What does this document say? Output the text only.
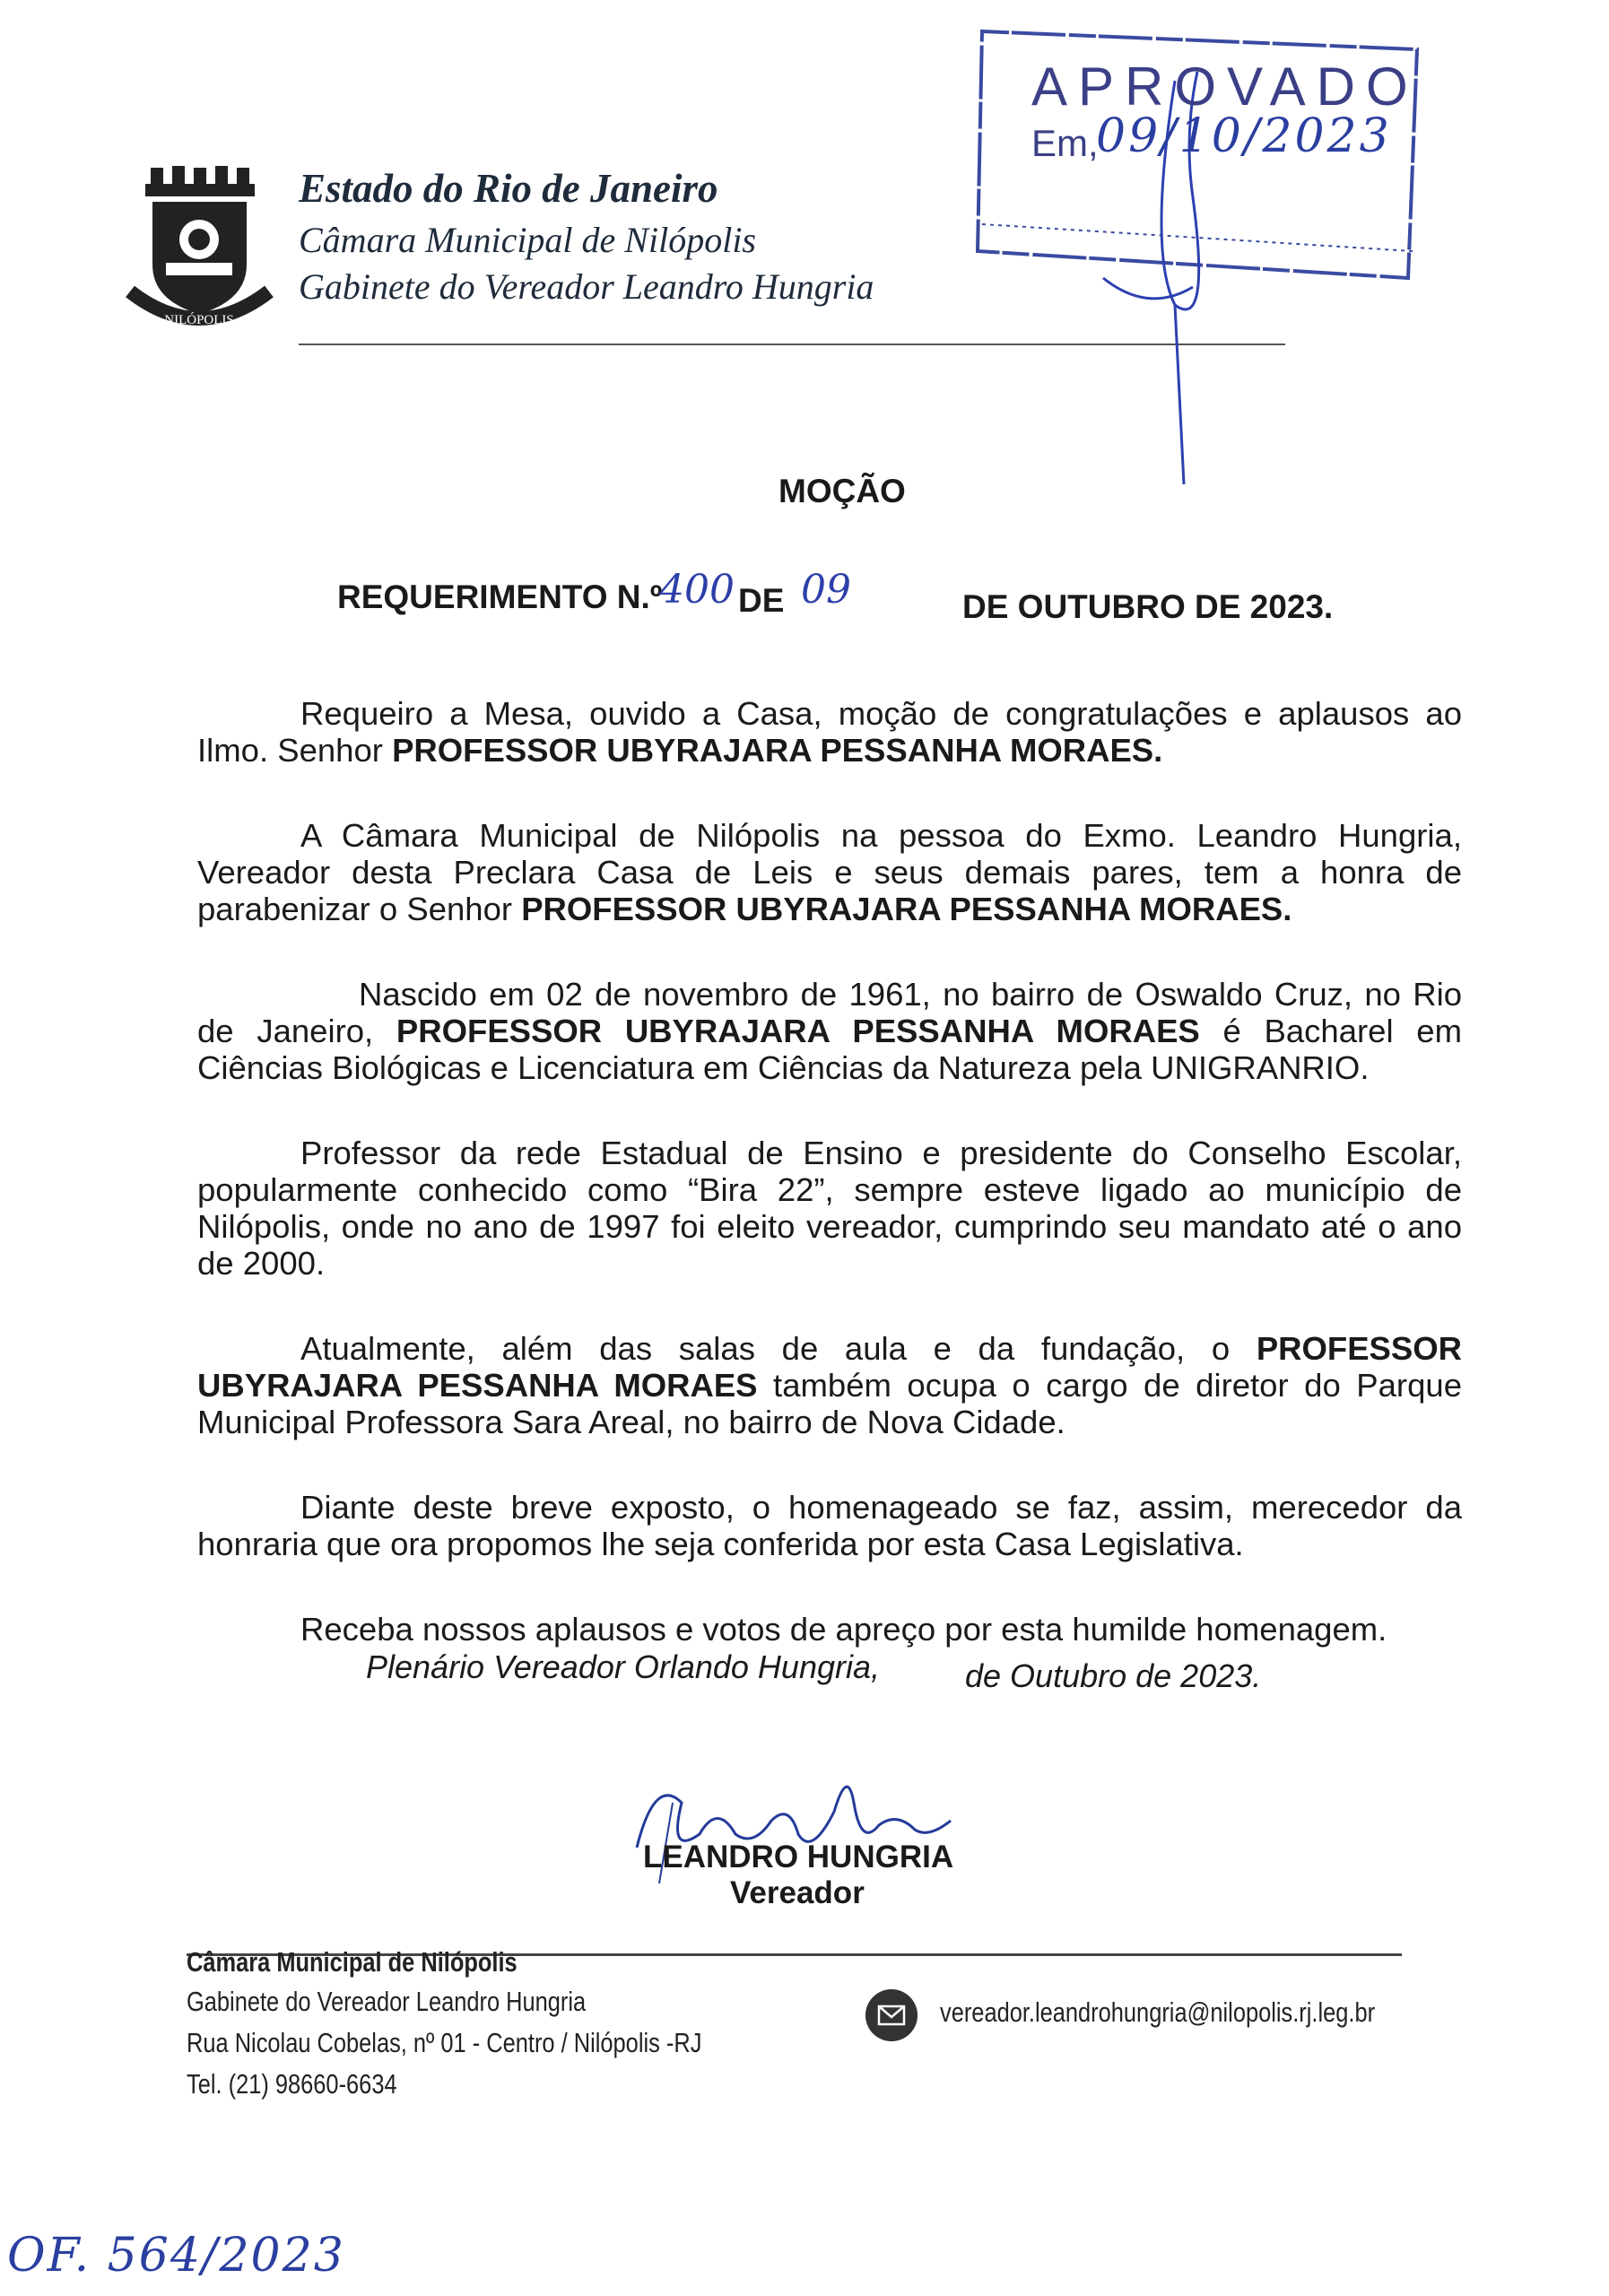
NILÓPOLIS
Estado do Rio de Janeiro
Câmara Municipal de Nilópolis
Gabinete do Vereador Leandro Hungria
APROVADO
Em,
09/10/2023
MOÇÃO
REQUERIMENTO N.º
400 DE 09	DE OUTUBRO DE 2023.

Requeiro a Mesa, ouvido a Casa, moção de congratulações e aplausos ao Ilmo. Senhor PROFESSOR UBYRAJARA PESSANHA MORAES.

A Câmara Municipal de Nilópolis na pessoa do Exmo. Leandro Hungria, Vereador desta Preclara Casa de Leis e seus demais pares, tem a honra de parabenizar o Senhor PROFESSOR UBYRAJARA PESSANHA MORAES.

Nascido em 02 de novembro de 1961, no bairro de Oswaldo Cruz, no Rio de Janeiro, PROFESSOR UBYRAJARA PESSANHA MORAES é Bacharel em Ciências Biológicas e Licenciatura em Ciências da Natureza pela UNIGRANRIO.

Professor da rede Estadual de Ensino e presidente do Conselho Escolar, popularmente conhecido como “Bira 22”, sempre esteve ligado ao município de Nilópolis, onde no ano de 1997 foi eleito vereador, cumprindo seu mandato até o ano de 2000.

Atualmente, além das salas de aula e da fundação, o PROFESSOR UBYRAJARA PESSANHA MORAES também ocupa o cargo de diretor do Parque Municipal Professora Sara Areal, no bairro de Nova Cidade.

Diante deste breve exposto, o homenageado se faz, assim, merecedor da honraria que ora propomos lhe seja conferida por esta Casa Legislativa.

Receba nossos aplausos e votos de apreço por esta humilde homenagem.

Plenário Vereador Orlando Hungria,	de Outubro de 2023.
LEANDRO HUNGRIA
Vereador
Câmara Municipal de Nilópolis
Gabinete do Vereador Leandro Hungria
Rua Nicolau Cobelas, nº 01 - Centro / Nilópolis -RJ
Tel. (21) 98660-6634
vereador.leandrohungria@nilopolis.rj.leg.br
OF. 564/2023
